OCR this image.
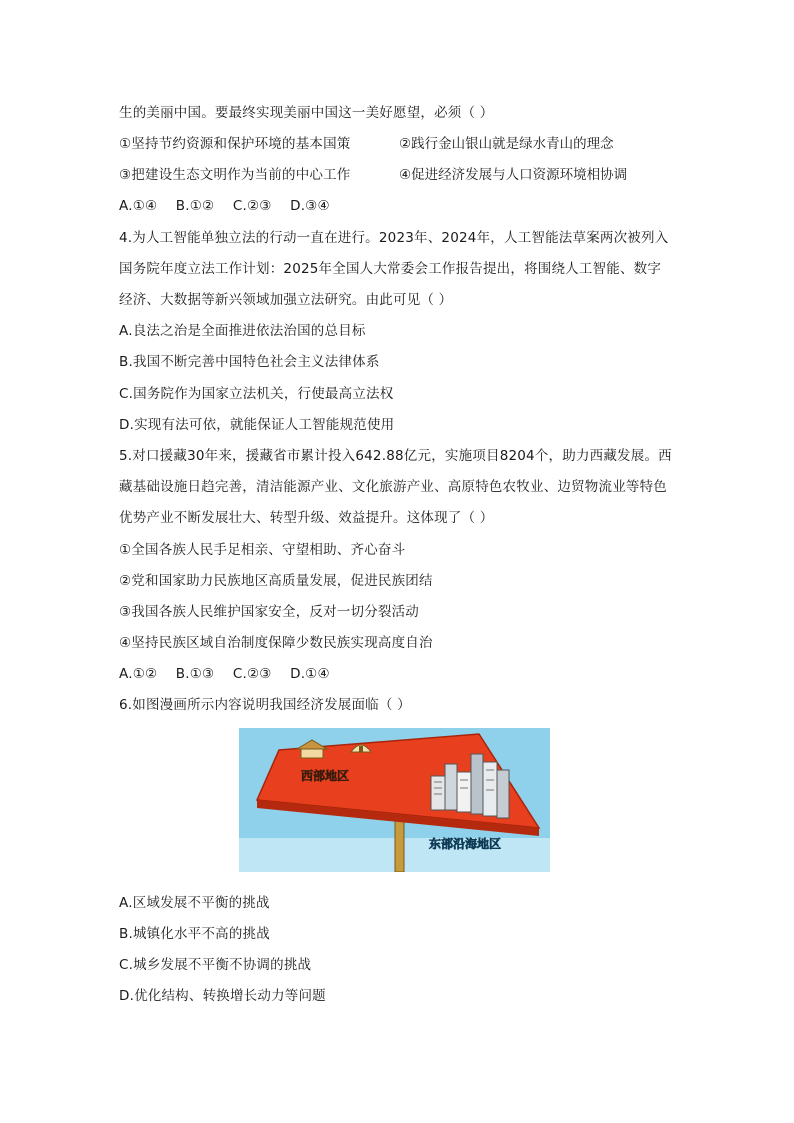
生的美丽中国。要最终实现美丽中国这一美好愿望，必须（ ）
①坚持节约资源和保护环境的基本国策	②践行金山银山就是绿水青山的理念
③把建设生态文明作为当前的中心工作	④促进经济发展与人口资源环境相协调
A.①④ B.①② C.②③ D.③④
4.为人工智能单独立法的行动一直在进行。2023年、2024年，人工智能法草案两次被列入
国务院年度立法工作计划：2025年全国人大常委会工作报告提出，将围绕人工智能、数字
经济、大数据等新兴领域加强立法研究。由此可见（ ）
A.良法之治是全面推进依法治国的总目标
B.我国不断完善中国特色社会主义法律体系
C.国务院作为国家立法机关，行使最高立法权
D.实现有法可依，就能保证人工智能规范使用
5.对口援藏30年来，援藏省市累计投入642.88亿元，实施项目8204个，助力西藏发展。西
藏基础设施日趋完善，清洁能源产业、文化旅游产业、高原特色农牧业、边贸物流业等特色
优势产业不断发展壮大、转型升级、效益提升。这体现了（ ）
①全国各族人民手足相亲、守望相助、齐心奋斗
②党和国家助力民族地区高质量发展，促进民族团结
③我国各族人民维护国家安全，反对一切分裂活动
④坚持民族区域自治制度保障少数民族实现高度自治
A.①② B.①③ C.②③ D.①④
6.如图漫画所示内容说明我国经济发展面临（ ）
西部地区
东部沿海地区
A.区域发展不平衡的挑战
B.城镇化水平不高的挑战
C.城乡发展不平衡不协调的挑战
D.优化结构、转换增长动力等问题
